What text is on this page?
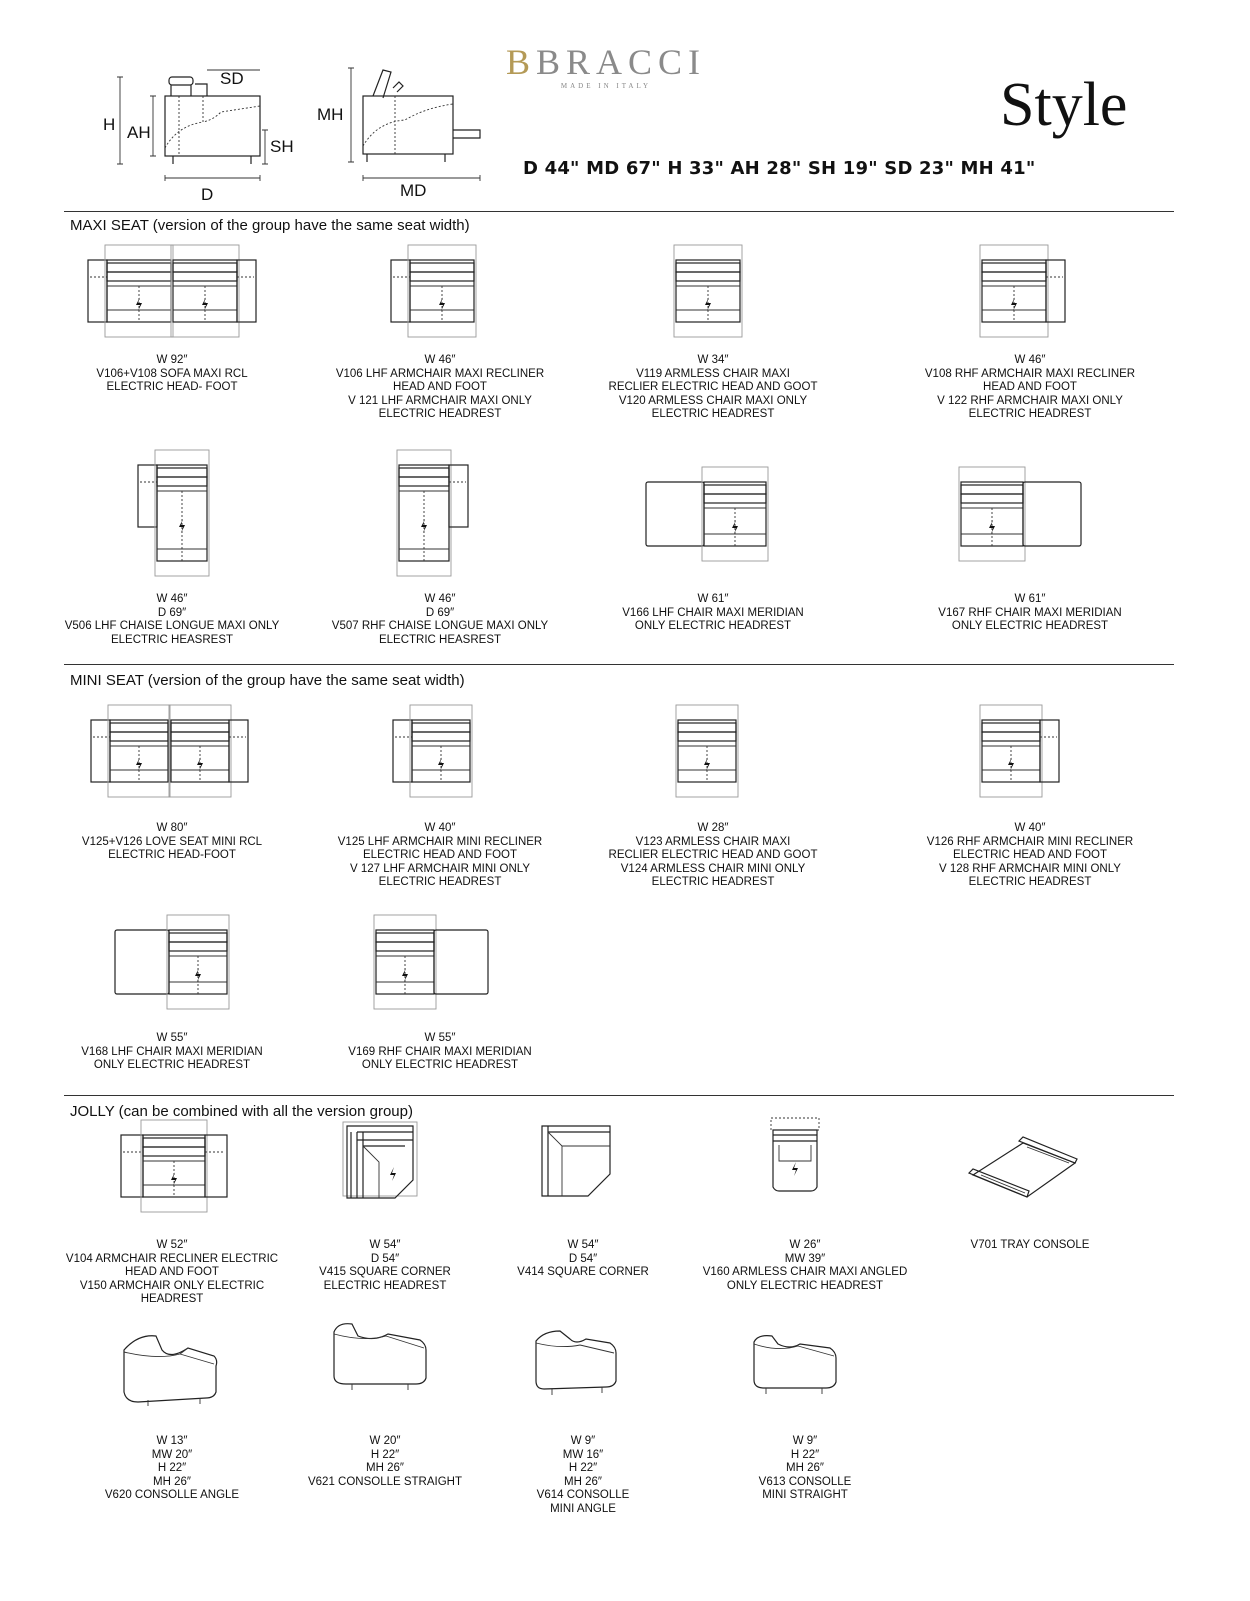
BBRACCI
MADE IN ITALY	Style
D 44" MD 67" H 33" AH 28" SH 19" SD 23" MH 41"
SD
H AH
SH
D
MH
MD
MAXI SEAT (version of the group have the same seat width)
MINI SEAT (version of the group have the same seat width)
JOLLY (can be combined with all the version group)
W 92″
V106+V108 SOFA MAXI RCL
ELECTRIC HEAD- FOOT
W 46″
V106 LHF ARMCHAIR MAXI RECLINER
HEAD AND FOOT
V 121 LHF ARMCHAIR MAXI ONLY
ELECTRIC HEADREST
W 34″
V119 ARMLESS CHAIR MAXI
RECLIER ELECTRIC HEAD AND GOOT
V120 ARMLESS CHAIR MAXI ONLY
ELECTRIC HEADREST
W 46″
V108 RHF ARMCHAIR MAXI RECLINER
HEAD AND FOOT
V 122 RHF ARMCHAIR MAXI ONLY
ELECTRIC HEADREST
W 46″
D 69″
V506 LHF CHAISE LONGUE MAXI ONLY
ELECTRIC HEASREST
W 46″
D 69″
V507 RHF CHAISE LONGUE MAXI ONLY
ELECTRIC HEASREST
W 61″
V166 LHF CHAIR MAXI MERIDIAN
ONLY ELECTRIC HEADREST
W 61″
V167 RHF CHAIR MAXI MERIDIAN
ONLY ELECTRIC HEADREST
W 80″
V125+V126 LOVE SEAT MINI RCL
ELECTRIC HEAD-FOOT
W 40″
V125 LHF ARMCHAIR MINI RECLINER
ELECTRIC HEAD AND FOOT
V 127 LHF ARMCHAIR MINI ONLY
ELECTRIC HEADREST
W 28″
V123 ARMLESS CHAIR MAXI
RECLIER ELECTRIC HEAD AND GOOT
V124 ARMLESS CHAIR MINI ONLY
ELECTRIC HEADREST
W 40″
V126 RHF ARMCHAIR MINI RECLINER
ELECTRIC HEAD AND FOOT
V 128 RHF ARMCHAIR MINI ONLY
ELECTRIC HEADREST
W 55″
V168 LHF CHAIR MAXI MERIDIAN
ONLY ELECTRIC HEADREST
W 55″
V169 RHF CHAIR MAXI MERIDIAN
ONLY ELECTRIC HEADREST
W 52″
V104 ARMCHAIR RECLINER ELECTRIC
HEAD AND FOOT
V150 ARMCHAIR ONLY ELECTRIC
HEADREST
W 54″
D 54″
V415 SQUARE CORNER
ELECTRIC HEADREST
W 54″
D 54″
V414 SQUARE CORNER
W 26″
MW 39″
V160 ARMLESS CHAIR MAXI ANGLED
ONLY ELECTRIC HEADREST
V701 TRAY CONSOLE
W 13″
MW 20″
H 22″
MH 26″
V620 CONSOLLE ANGLE
W 20″
H 22″
MH 26″
V621 CONSOLLE STRAIGHT
W 9″
MW 16″
H 22″
MH 26″
V614 CONSOLLE
MINI ANGLE
W 9″
H 22″
MH 26″
V613 CONSOLLE
MINI STRAIGHT
